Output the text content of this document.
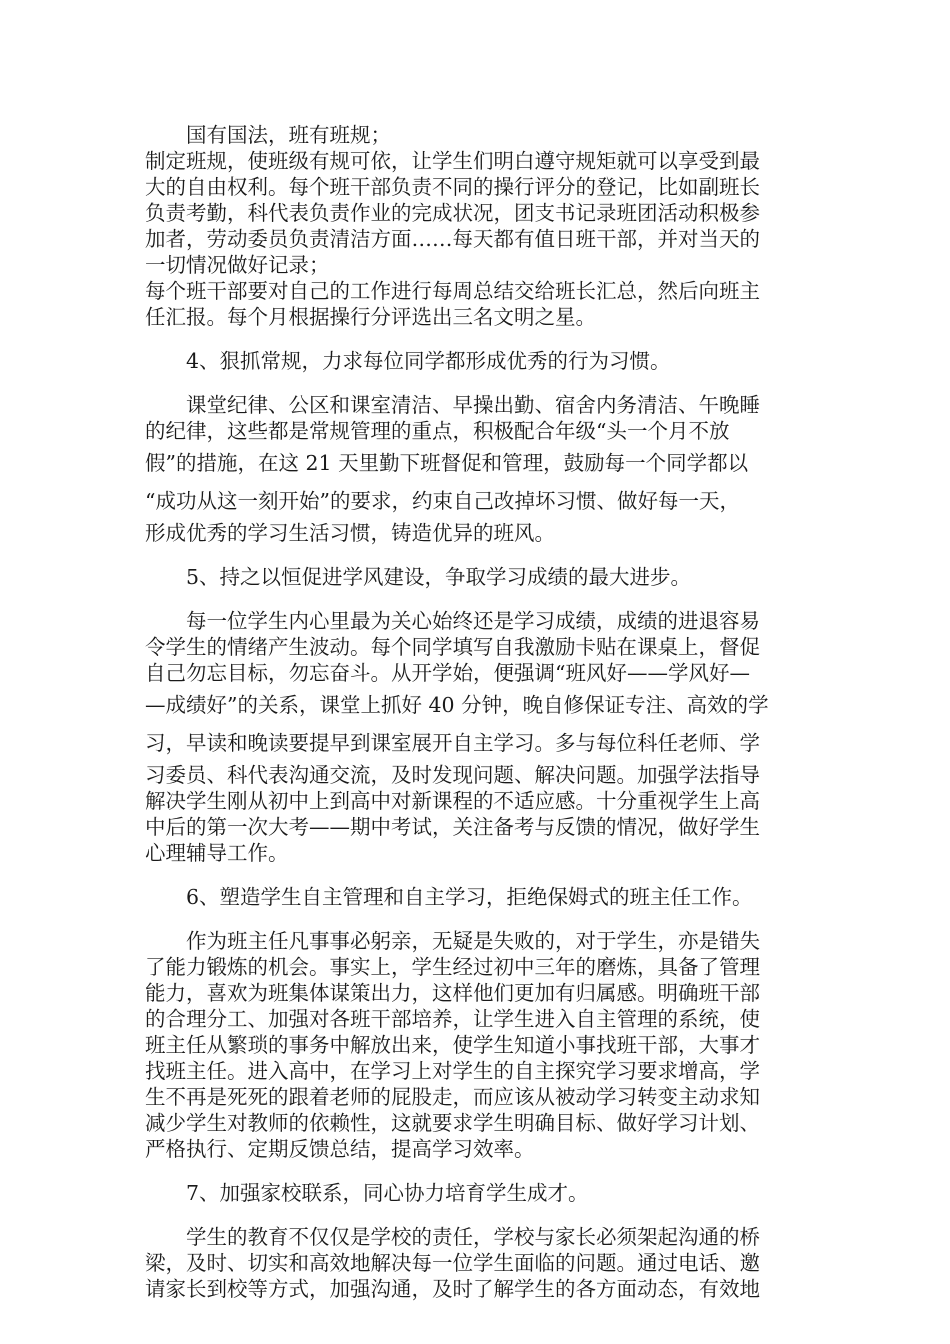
国有国法，班有班规；
制定班规，使班级有规可依，让学生们明白遵守规矩就可以享受到最
大的自由权利。每个班干部负责不同的操行评分的登记，比如副班长
负责考勤，科代表负责作业的完成状况，团支书记录班团活动积极参
加者，劳动委员负责清洁方面……每天都有值日班干部，并对当天的
一切情况做好记录；
每个班干部要对自己的工作进行每周总结交给班长汇总，然后向班主
任汇报。每个月根据操行分评选出三名文明之星。
4、狠抓常规，力求每位同学都形成优秀的行为习惯。
课堂纪律、公区和课室清洁、早操出勤、宿舍内务清洁、午晚睡
的纪律，这些都是常规管理的重点，积极配合年级“头一个月不放
假”的措施，在这 21 天里勤下班督促和管理，鼓励每一个同学都以
“成功从这一刻开始”的要求，约束自己改掉坏习惯、做好每一天，
形成优秀的学习生活习惯，铸造优异的班风。
5、持之以恒促进学风建设，争取学习成绩的最大进步。
每一位学生内心里最为关心始终还是学习成绩，成绩的进退容易
令学生的情绪产生波动。每个同学填写自我激励卡贴在课桌上，督促
自己勿忘目标，勿忘奋斗。从开学始，便强调“班风好——学风好—
—成绩好”的关系，课堂上抓好 40 分钟，晚自修保证专注、高效的学
习，早读和晚读要提早到课室展开自主学习。多与每位科任老师、学
习委员、科代表沟通交流，及时发现问题、解决问题。加强学法指导
解决学生刚从初中上到高中对新课程的不适应感。十分重视学生上高
中后的第一次大考——期中考试，关注备考与反馈的情况，做好学生
心理辅导工作。
6、塑造学生自主管理和自主学习，拒绝保姆式的班主任工作。
作为班主任凡事事必躬亲，无疑是失败的，对于学生，亦是错失
了能力锻炼的机会。事实上，学生经过初中三年的磨炼，具备了管理
能力，喜欢为班集体谋策出力，这样他们更加有归属感。明确班干部
的合理分工、加强对各班干部培养，让学生进入自主管理的系统，使
班主任从繁琐的事务中解放出来，使学生知道小事找班干部，大事才
找班主任。进入高中，在学习上对学生的自主探究学习要求增高，学
生不再是死死的跟着老师的屁股走，而应该从被动学习转变主动求知
减少学生对教师的依赖性，这就要求学生明确目标、做好学习计划、
严格执行、定期反馈总结，提高学习效率。
7、加强家校联系，同心协力培育学生成才。
学生的教育不仅仅是学校的责任，学校与家长必须架起沟通的桥
梁，及时、切实和高效地解决每一位学生面临的问题。通过电话、邀
请家长到校等方式，加强沟通，及时了解学生的各方面动态，有效地
